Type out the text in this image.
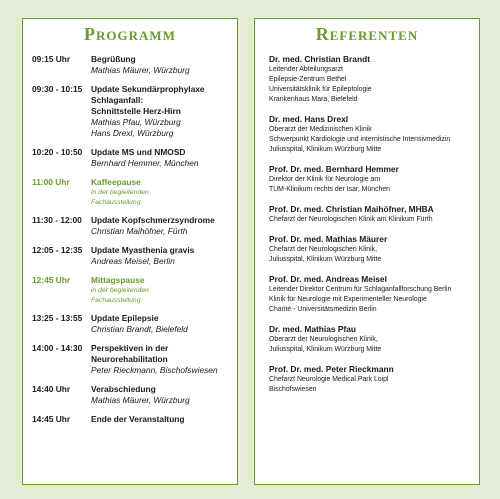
Programm
09:15 Uhr	Begrüßung
Mathias Mäurer, Würzburg
09:30 - 10:15	Update Sekundärprophylaxe
Schlaganfall:
Schnittstelle Herz-Hirn
Mathias Pfau, Würzburg
Hans Drexl, Würzburg
10:20 - 10:50	Update MS und NMOSD
Bernhard Hemmer, München
11:00 Uhr	Kaffeepause
in der begleitenden
Fachausstellung
11:30 - 12:00	Update Kopfschmerzsyndrome
Christian Maihöfner, Fürth
12:05 - 12:35	Update Myasthenia gravis
Andreas Meisel, Berlin
12:45 Uhr	Mittagspause
in der begleitenden
Fachausstellung
13:25 - 13:55	Update Epilepsie
Christian Brandt, Bielefeld
14:00 - 14:30	Perspektiven in der
Neurorehabilitation
Peter Rieckmann, Bischofswiesen
14:40 Uhr	Verabschiedung
Mathias Mäurer, Würzburg
14:45 Uhr	Ende der Veranstaltung
Referenten
Dr. med. Christian Brandt
Leitender Abteilungsarzt
Epilepsie-Zentrum Bethel
Universitätsklinik für Epileptologie
Krankenhaus Mara, Bielefeld
Dr. med. Hans Drexl
Oberarzt der Medizinischen Klinik
Schwerpunkt Kardiologie und internistische Intensivmedizin
Juliusspital, Klinikum Würzburg Mitte
Prof. Dr. med. Bernhard Hemmer
Direktor der Klinik für Neurologie am
TUM-Klinikum rechts der Isar, München
Prof. Dr. med. Christian Maihöfner, MHBA
Chefarzt der Neurologischen Klinik am Klinikum Fürth
Prof. Dr. med. Mathias Mäurer
Chefarzt der Neurologischen Klinik,
Juliusspital, Klinikum Würzburg Mitte
Prof. Dr. med. Andreas Meisel
Leitender Direktor Centrum für Schlaganfallforschung Berlin
Klinik für Neurologie mit Experimenteller Neurologie
Charité - Universitätsmedizin Berlin
Dr. med. Mathias Pfau
Oberarzt der Neurologischen Klinik,
Juliusspital, Klinikum Würzburg Mitte
Prof. Dr. med. Peter Rieckmann
Chefarzt Neurologie Medical Park Loipl
Bischofswiesen
